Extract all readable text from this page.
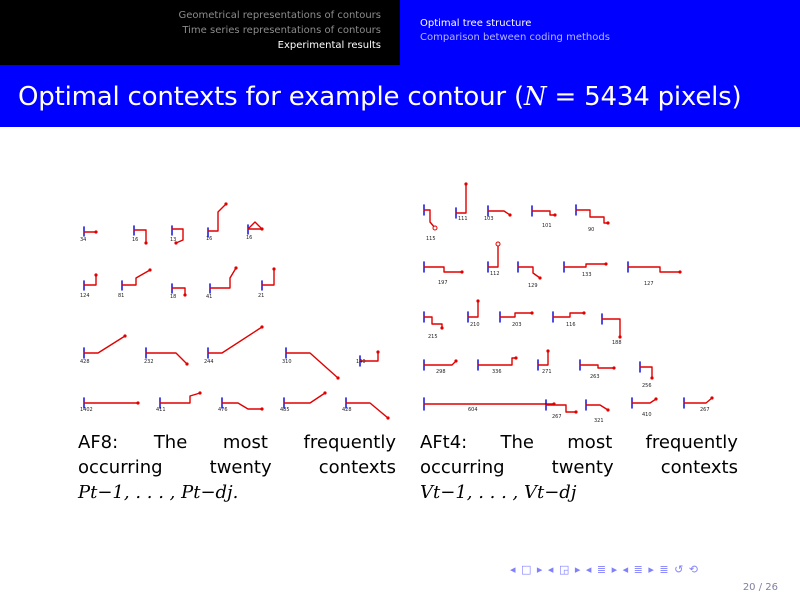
Geometrical representations of contours
Time series representations of contours
Experimental results
Optimal tree structure
Comparison between coding methods
Optimal contexts for example contour (N = 5434 pixels)
34	16	13	16	16
124	81	18	41	21
428	232	244	310	140
1402	411	476	485	428
115
111	103
101
90
197
112
129
133
127
215
210	203	116
188
298	336	271
263
256
604
267
321
410
267
AF8: The most frequently
occurring	twenty	contexts
Pt−1, . . . , Pt−dj.
AFt4: The most frequently
occurring	twenty	contexts
Vt−1, . . . , Vt−dj
◂ □ ▸ ◂ ◲ ▸ ◂ ≣ ▸ ◂ ≣ ▸ ≣ ↺ ⟲
20 / 26
